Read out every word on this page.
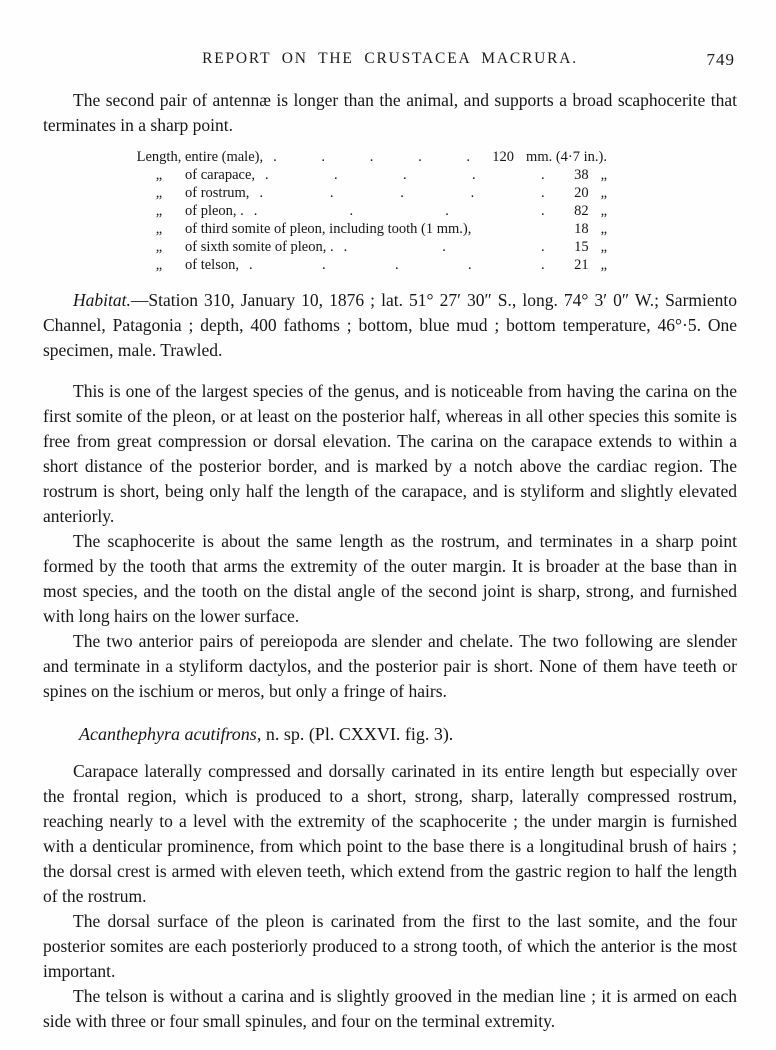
REPORT ON THE CRUSTACEA MACRURA.	749

The second pair of antennæ is longer than the animal, and supports a broad scaphocerite that terminates in a sharp point.

Length, entire (male), . . . . .	120 mm. (4·7 in.).
„	of carapace, . . . . .	38 „
„	of rostrum, . . . . .	20 „
„	of pleon, . . . . .	82 „
„	of third somite of pleon, including tooth (1 mm.),	18 „
„	of sixth somite of pleon, . . . .	15 „
„	of telson, . . . . .	21 „

Habitat.—Station 310, January 10, 1876 ; lat. 51° 27′ 30″ S., long. 74° 3′ 0″ W.; Sarmiento Channel, Patagonia ; depth, 400 fathoms ; bottom, blue mud ; bottom temperature, 46°·5. One specimen, male. Trawled.

This is one of the largest species of the genus, and is noticeable from having the carina on the first somite of the pleon, or at least on the posterior half, whereas in all other species this somite is free from great compression or dorsal elevation. The carina on the carapace extends to within a short distance of the posterior border, and is marked by a notch above the cardiac region. The rostrum is short, being only half the length of the carapace, and is styliform and slightly elevated anteriorly.

The scaphocerite is about the same length as the rostrum, and terminates in a sharp point formed by the tooth that arms the extremity of the outer margin. It is broader at the base than in most species, and the tooth on the distal angle of the second joint is sharp, strong, and furnished with long hairs on the lower surface.

The two anterior pairs of pereiopoda are slender and chelate. The two following are slender and terminate in a styliform dactylos, and the posterior pair is short. None of them have teeth or spines on the ischium or meros, but only a fringe of hairs.

Acanthephyra acutifrons, n. sp. (Pl. CXXVI. fig. 3).

Carapace laterally compressed and dorsally carinated in its entire length but especially over the frontal region, which is produced to a short, strong, sharp, laterally compressed rostrum, reaching nearly to a level with the extremity of the scaphocerite ; the under margin is furnished with a denticular prominence, from which point to the base there is a longitudinal brush of hairs ; the dorsal crest is armed with eleven teeth, which extend from the gastric region to half the length of the rostrum.

The dorsal surface of the pleon is carinated from the first to the last somite, and the four posterior somites are each posteriorly produced to a strong tooth, of which the anterior is the most important.

The telson is without a carina and is slightly grooved in the median line ; it is armed on each side with three or four small spinules, and four on the terminal extremity.
